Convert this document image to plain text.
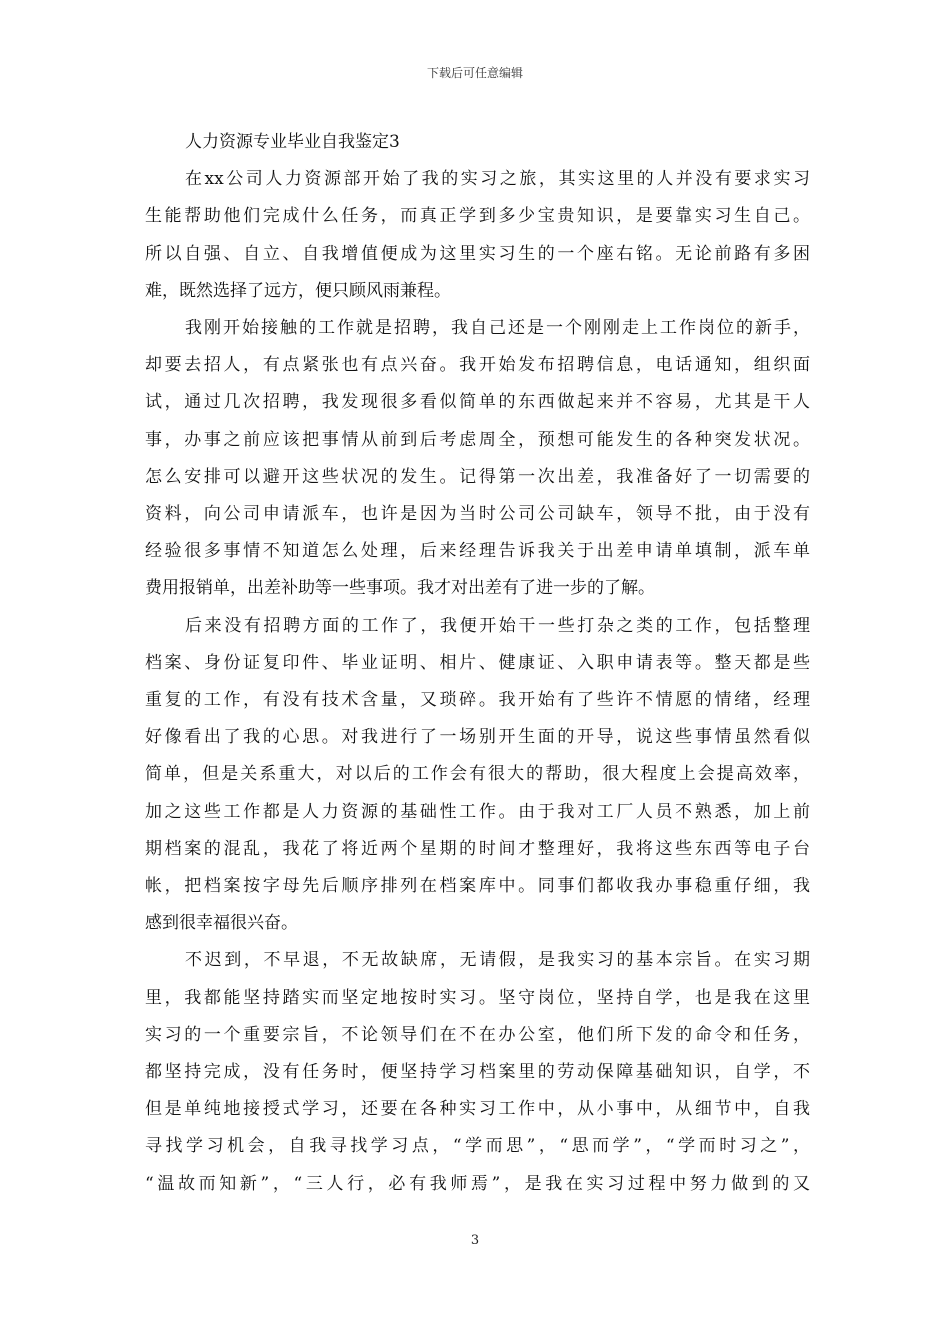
下载后可任意编辑

人力资源专业毕业自我鉴定3

在xx公司人力资源部开始了我的实习之旅，其实这里的人并没有要求实习

生能帮助他们完成什么任务，而真正学到多少宝贵知识，是要靠实习生自己。

所以自强、自立、自我增值便成为这里实习生的一个座右铭。无论前路有多困

难，既然选择了远方，便只顾风雨兼程。

我刚开始接触的工作就是招聘，我自己还是一个刚刚走上工作岗位的新手，

却要去招人，有点紧张也有点兴奋。我开始发布招聘信息，电话通知，组织面

试，通过几次招聘，我发现很多看似简单的东西做起来并不容易，尤其是干人

事，办事之前应该把事情从前到后考虑周全，预想可能发生的各种突发状况。

怎么安排可以避开这些状况的发生。记得第一次出差，我准备好了一切需要的

资料，向公司申请派车，也许是因为当时公司公司缺车，领导不批，由于没有

经验很多事情不知道怎么处理，后来经理告诉我关于出差申请单填制，派车单

费用报销单，出差补助等一些事项。我才对出差有了进一步的了解。

后来没有招聘方面的工作了，我便开始干一些打杂之类的工作，包括整理

档案、身份证复印件、毕业证明、相片、健康证、入职申请表等。整天都是些

重复的工作，有没有技术含量，又琐碎。我开始有了些许不情愿的情绪，经理

好像看出了我的心思。对我进行了一场别开生面的开导，说这些事情虽然看似

简单，但是关系重大，对以后的工作会有很大的帮助，很大程度上会提高效率，

加之这些工作都是人力资源的基础性工作。由于我对工厂人员不熟悉，加上前

期档案的混乱，我花了将近两个星期的时间才整理好，我将这些东西等电子台

帐，把档案按字母先后顺序排列在档案库中。同事们都收我办事稳重仔细，我

感到很幸福很兴奋。

不迟到，不早退，不无故缺席，无请假，是我实习的基本宗旨。在实习期

里，我都能坚持踏实而坚定地按时实习。坚守岗位，坚持自学，也是我在这里

实习的一个重要宗旨，不论领导们在不在办公室，他们所下发的命令和任务，

都坚持完成，没有任务时，便坚持学习档案里的劳动保障基础知识，自学，不

但是单纯地接授式学习，还要在各种实习工作中，从小事中，从细节中，自我

寻找学习机会，自我寻找学习点，“学而思”，“思而学”，“学而时习之”，

“温故而知新”，“三人行，必有我师焉”，是我在实习过程中努力做到的又

3
